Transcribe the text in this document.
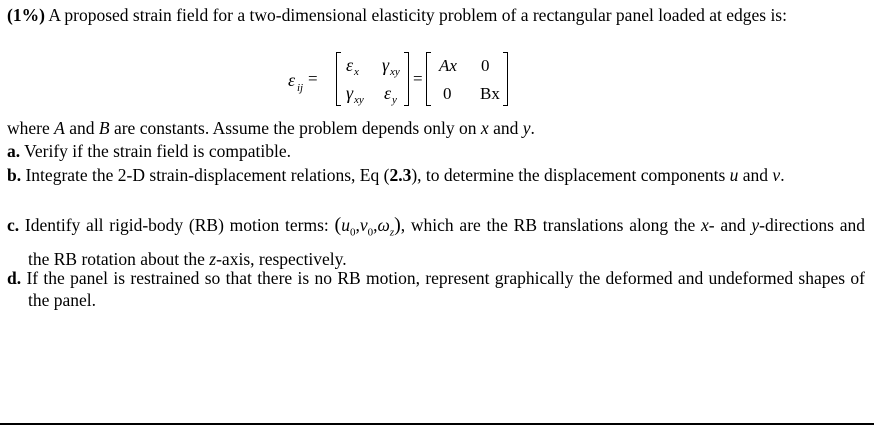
(1%) A proposed strain field for a two-dimensional elasticity problem of a rectangular panel loaded at edges is:
ε ij =
ε x γ xy
γ xy ε y
=
Ax 0
0 Bx
where A and B are constants. Assume the problem depends only on x and y.
a. Verify if the strain field is compatible.
b. Integrate the 2-D strain-displacement relations, Eq (2.3), to determine the displacement components u and v.
c. Identify all rigid-body (RB) motion terms: $(u_0,v_0,\omega_z)$, which are the RB translations along the x- and y-directions and the RB rotation about the z-axis, respectively.
d. If the panel is restrained so that there is no RB motion, represent graphically the deformed and undeformed shapes of the panel.
